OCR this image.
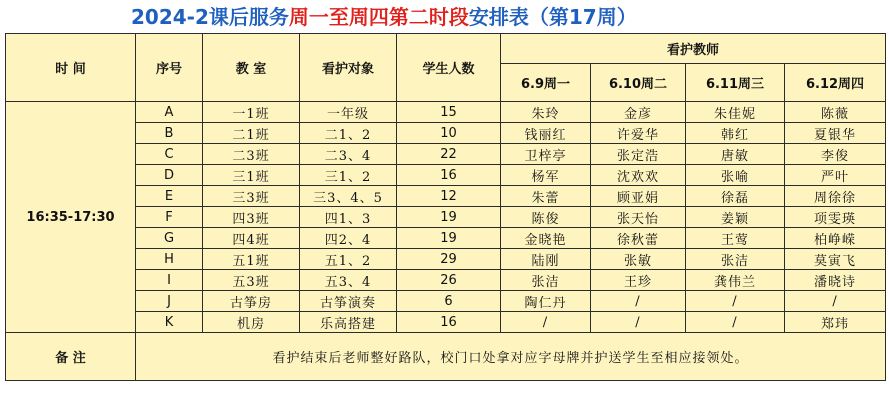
2024-2课后服务周一至周四第二时段安排表（第17周）
时 间	序号	教 室	看护对象	学生人数	看护教师			
					6.9周一	6.10周二	6.11周三	6.12周四
16:35-17:30	A	一1班	一年级	15	朱玲	金彦	朱佳妮	陈薇
	B	二1班	二1、2	10	钱丽红	许爱华	韩红	夏银华
	C	二3班	二3、4	22	卫梓亭	张定浩	唐敏	李俊
	D	三1班	三1、2	16	杨军	沈欢欢	张喻	严叶
	E	三3班	三3、4、5	12	朱蕾	顾亚娟	徐磊	周徐徐
	F	四3班	四1、3	19	陈俊	张天怡	姜颖	项雯瑛
	G	四4班	四2、4	19	金晓艳	徐秋蕾	王莺	柏峥嵘
	H	五1班	五1、2	29	陆刚	张敏	张洁	莫寅飞
	I	五3班	五3、4	26	张洁	王珍	龚伟兰	潘晓诗
	J	古筝房	古筝演奏	6	陶仁丹	/	/	/
	K	机房	乐高搭建	16	/	/	/	郑玮
备 注	看护结束后老师整好路队，校门口处拿对应字母牌并护送学生至相应接领处。							
